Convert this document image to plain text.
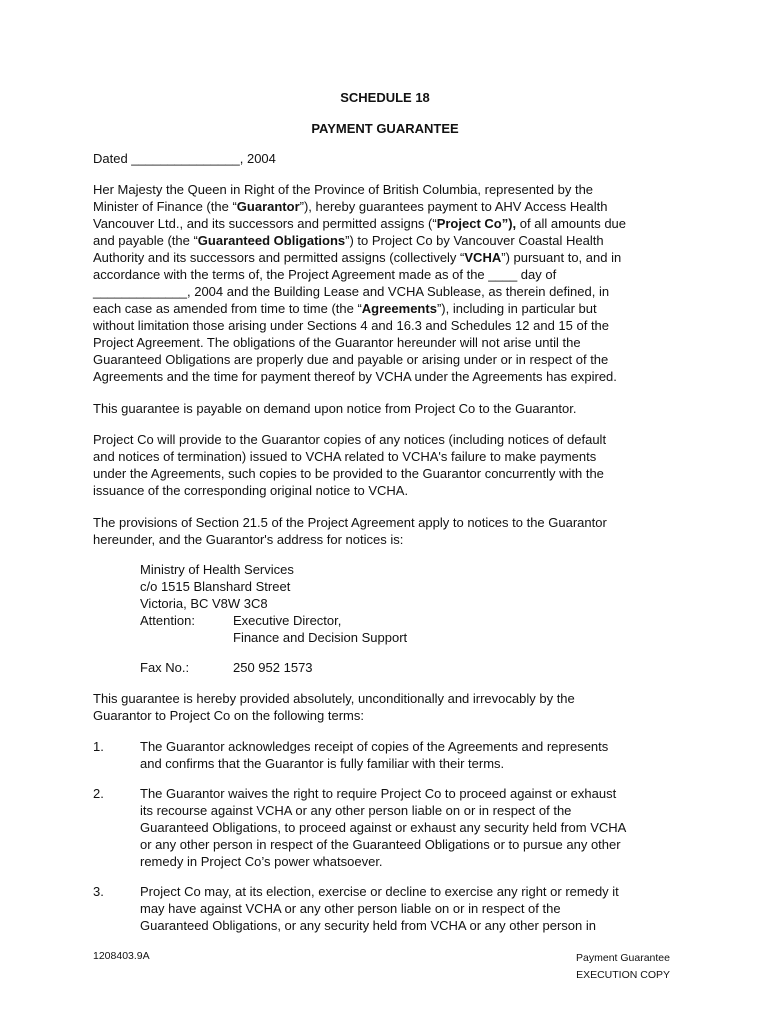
SCHEDULE 18
PAYMENT GUARANTEE
Dated _______________, 2004
Her Majesty the Queen in Right of the Province of British Columbia, represented by the
Minister of Finance (the “Guarantor”), hereby guarantees payment to AHV Access Health
Vancouver Ltd., and its successors and permitted assigns (“Project Co”), of all amounts due
and payable (the “Guaranteed Obligations”) to Project Co by Vancouver Coastal Health
Authority and its successors and permitted assigns (collectively “VCHA”) pursuant to, and in
accordance with the terms of, the Project Agreement made as of the ____ day of
_____________, 2004 and the Building Lease and VCHA Sublease, as therein defined, in
each case as amended from time to time (the “Agreements”), including in particular but
without limitation those arising under Sections 4 and 16.3 and Schedules 12 and 15 of the
Project Agreement. The obligations of the Guarantor hereunder will not arise until the
Guaranteed Obligations are properly due and payable or arising under or in respect of the
Agreements and the time for payment thereof by VCHA under the Agreements has expired.
This guarantee is payable on demand upon notice from Project Co to the Guarantor.
Project Co will provide to the Guarantor copies of any notices (including notices of default
and notices of termination) issued to VCHA related to VCHA's failure to make payments
under the Agreements, such copies to be provided to the Guarantor concurrently with the
issuance of the corresponding original notice to VCHA.
The provisions of Section 21.5 of the Project Agreement apply to notices to the Guarantor
hereunder, and the Guarantor's address for notices is:
Ministry of Health Services
c/o 1515 Blanshard Street
Victoria, BC V8W 3C8
Attention:	Executive Director,
Finance and Decision Support
Fax No.:	250 952 1573
This guarantee is hereby provided absolutely, unconditionally and irrevocably by the
Guarantor to Project Co on the following terms:
1.	The Guarantor acknowledges receipt of copies of the Agreements and represents
and confirms that the Guarantor is fully familiar with their terms.
2.	The Guarantor waives the right to require Project Co to proceed against or exhaust
its recourse against VCHA or any other person liable on or in respect of the
Guaranteed Obligations, to proceed against or exhaust any security held from VCHA
or any other person in respect of the Guaranteed Obligations or to pursue any other
remedy in Project Co’s power whatsoever.
3.	Project Co may, at its election, exercise or decline to exercise any right or remedy it
may have against VCHA or any other person liable on or in respect of the
Guaranteed Obligations, or any security held from VCHA or any other person in
1208403.9A	Payment Guarantee
EXECUTION COPY
